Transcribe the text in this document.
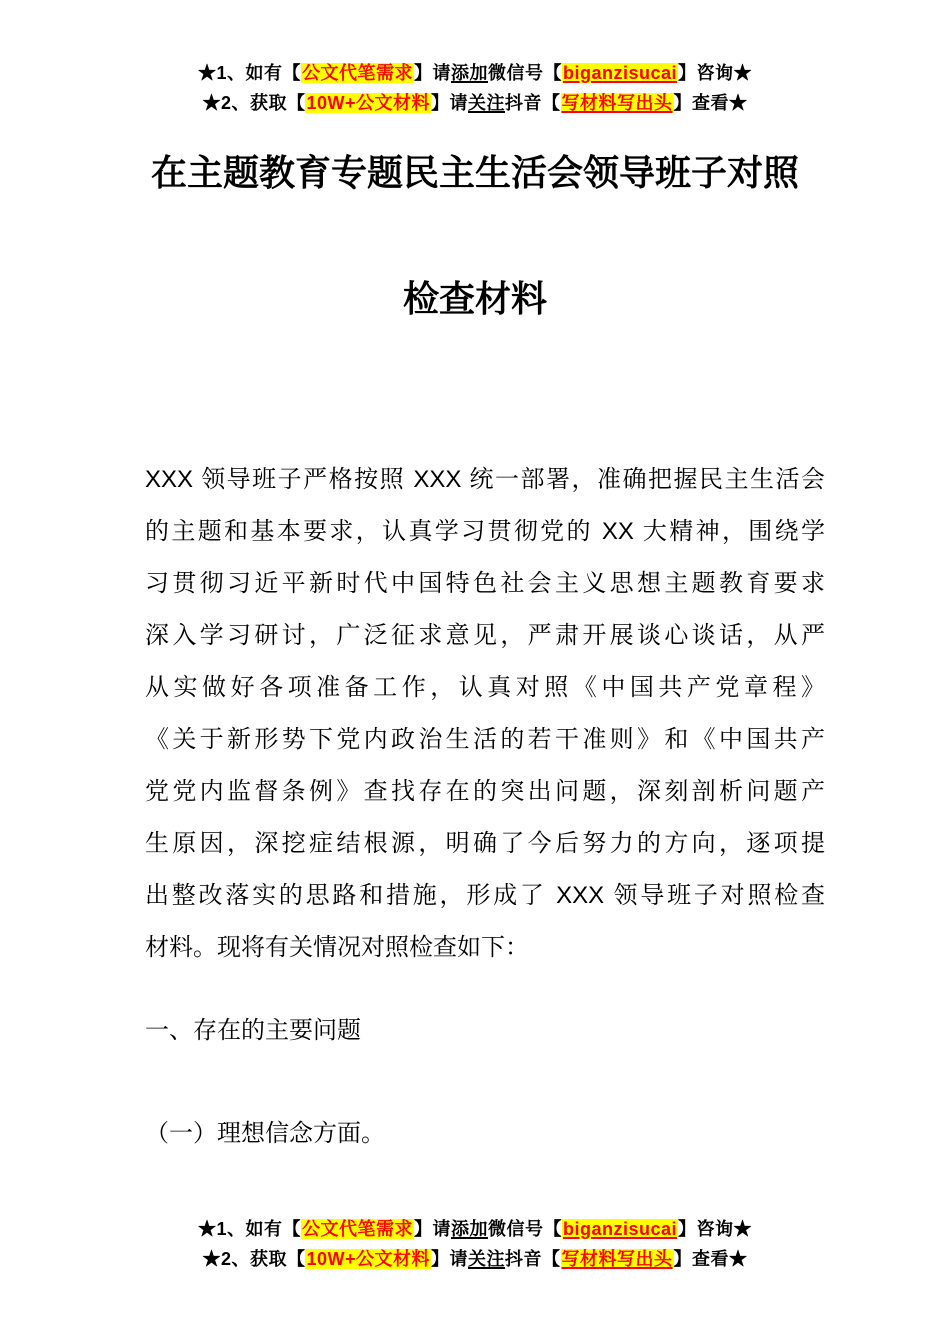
★1、如有【公文代笔需求】请添加微信号【biganzisucai】咨询★
★2、获取【10W+公文材料】请关注抖音【写材料写出头】查看★
在主题教育专题民主生活会领导班子对照
检查材料
XXX 领导班子严格按照 XXX 统一部署，准确把握民主生活会
的主题和基本要求，认真学习贯彻党的 XX 大精神，围绕学
习贯彻习近平新时代中国特色社会主义思想主题教育要求
深入学习研讨，广泛征求意见，严肃开展谈心谈话，从严
从实做好各项准备工作，认真对照《中国共产党章程》
《关于新形势下党内政治生活的若干准则》和《中国共产
党党内监督条例》查找存在的突出问题，深刻剖析问题产
生原因，深挖症结根源，明确了今后努力的方向，逐项提
出整改落实的思路和措施，形成了 XXX 领导班子对照检查
材料。现将有关情况对照检查如下：
一、存在的主要问题
（一）理想信念方面。
★1、如有【公文代笔需求】请添加微信号【biganzisucai】咨询★
★2、获取【10W+公文材料】请关注抖音【写材料写出头】查看★
